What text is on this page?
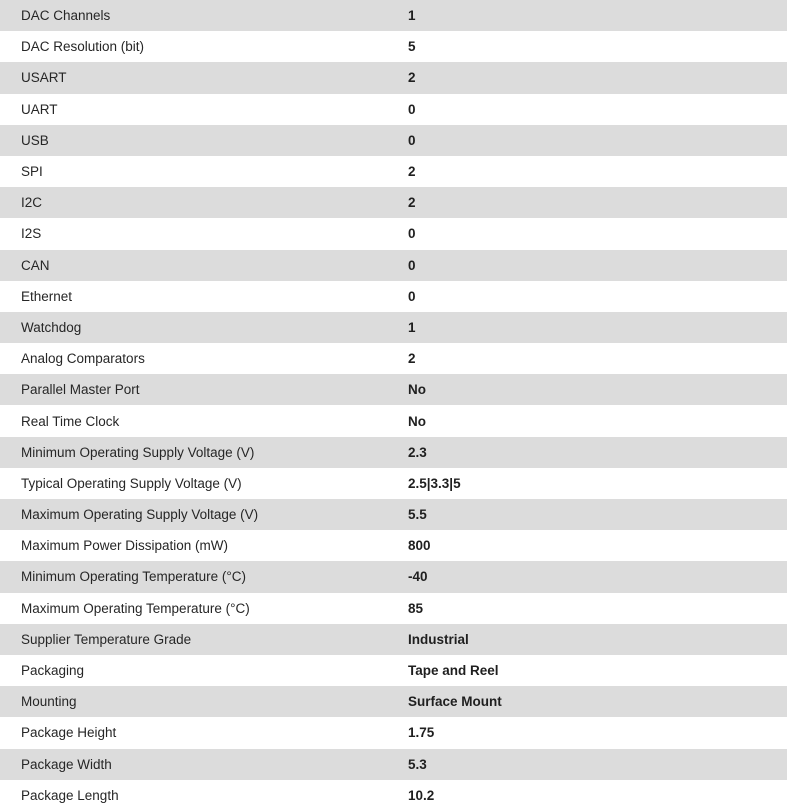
DAC Channels	1
DAC Resolution (bit)	5
USART	2
UART	0
USB	0
SPI	2
I2C	2
I2S	0
CAN	0
Ethernet	0
Watchdog	1
Analog Comparators	2
Parallel Master Port	No
Real Time Clock	No
Minimum Operating Supply Voltage (V)	2.3
Typical Operating Supply Voltage (V)	2.5|3.3|5
Maximum Operating Supply Voltage (V)	5.5
Maximum Power Dissipation (mW)	800
Minimum Operating Temperature (°C)	-40
Maximum Operating Temperature (°C)	85
Supplier Temperature Grade	Industrial
Packaging	Tape and Reel
Mounting	Surface Mount
Package Height	1.75
Package Width	5.3
Package Length	10.2
